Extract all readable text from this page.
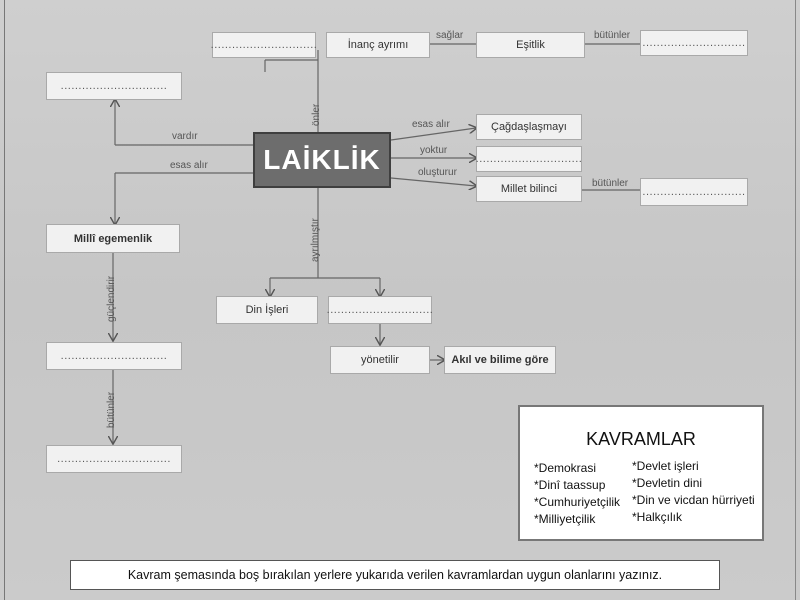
LAİKLİK
..............................	İnanç ayrımı	Eşitlik	.............................
..............................
Çağdaşlaşmayı
..............................
Millet bilinci	.............................
Millî egemenlik
Din İşleri	..............................
yönetilir	Akıl ve bilime göre
..............................
................................
sağlar	bütünler
önler
vardır
esas alır
esas alır
yoktur
oluşturur
bütünler
ayrılmıştır
güçlendirir
bütünler
KAVRAMLAR
*Demokrasi
*Dinî taassup
*Cumhuriyetçilik
*Milliyetçilik
*Devlet işleri
*Devletin dini
*Din ve vicdan hürriyeti
*Halkçılık
Kavram şemasında boş bırakılan yerlere yukarıda verilen kavramlardan uygun olanlarını yazınız.
